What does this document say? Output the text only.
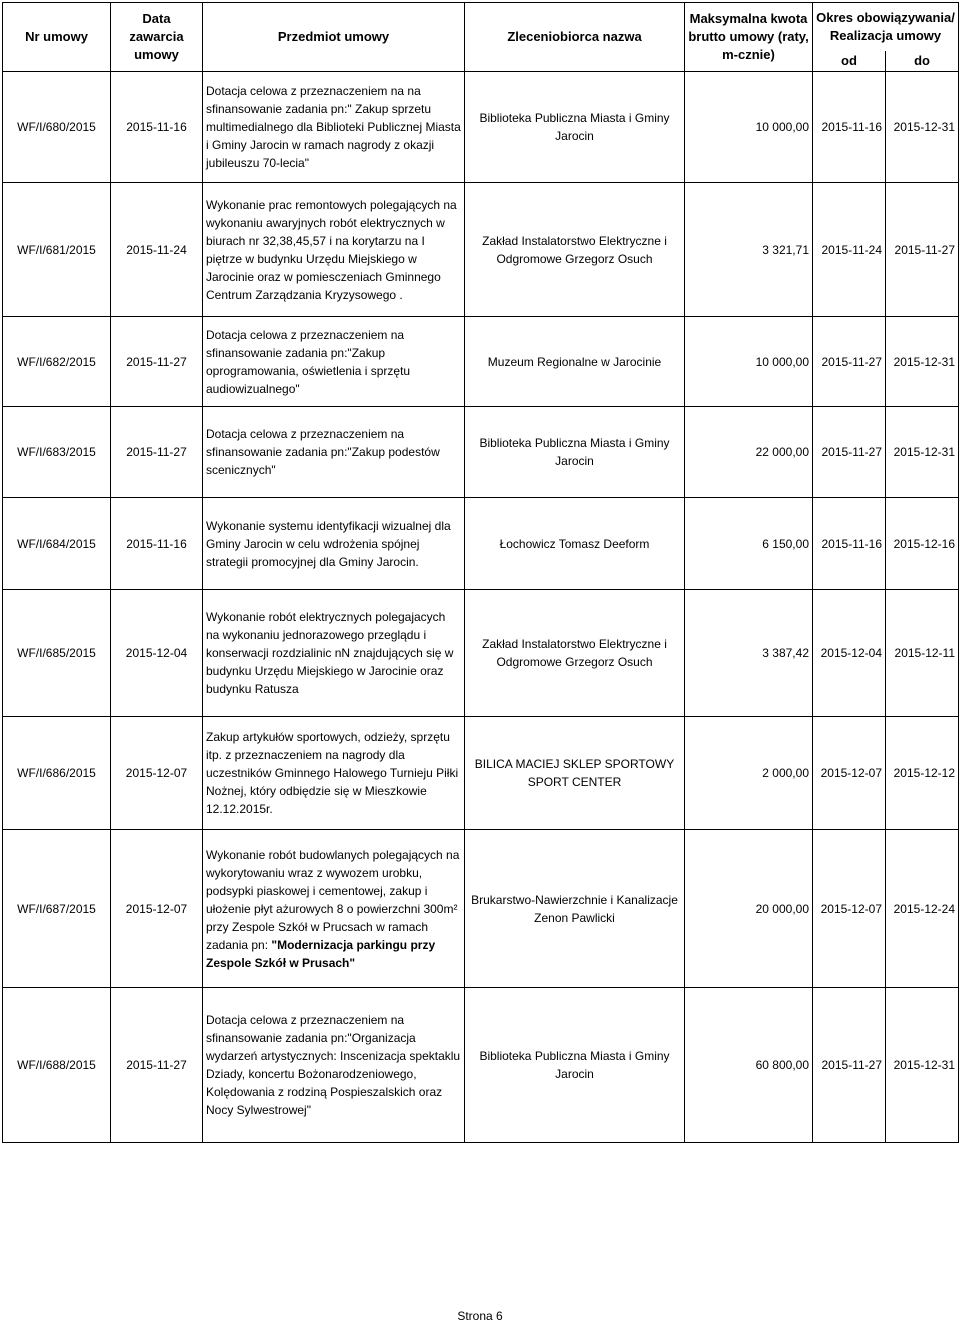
Nr umowy	Data zawarcia umowy	Przedmiot umowy	Zleceniobiorca nazwa	Maksymalna kwota brutto umowy (raty, m-cznie)	Okres obowiązywania/ Realizacja umowy	
					od	do
WF/I/680/2015	2015-11-16	Dotacja celowa z przeznaczeniem na na sfinansowanie zadania pn:" Zakup sprzetu multimedialnego dla Biblioteki Publicznej Miasta i Gminy Jarocin w ramach nagrody z okazji jubileuszu 70-lecia"	Biblioteka Publiczna Miasta i Gminy Jarocin	10 000,00	2015-11-16	2015-12-31
WF/I/681/2015	2015-11-24	Wykonanie prac remontowych polegających na wykonaniu awaryjnych robót elektrycznych w biurach nr 32,38,45,57 i na korytarzu na I piętrze w budynku Urzędu Miejskiego w Jarocinie oraz w pomiesczeniach Gminnego Centrum Zarządzania Kryzysowego .	Zakład Instalatorstwo Elektryczne i Odgromowe Grzegorz Osuch	3 321,71	2015-11-24	2015-11-27
WF/I/682/2015	2015-11-27	Dotacja celowa z przeznaczeniem na sfinansowanie zadania pn:"Zakup oprogramowania, oświetlenia i sprzętu audiowizualnego"	Muzeum Regionalne w Jarocinie	10 000,00	2015-11-27	2015-12-31
WF/I/683/2015	2015-11-27	Dotacja celowa z przeznaczeniem na sfinansowanie zadania pn:"Zakup podestów scenicznych"	Biblioteka Publiczna Miasta i Gminy Jarocin	22 000,00	2015-11-27	2015-12-31
WF/I/684/2015	2015-11-16	Wykonanie systemu identyfikacji wizualnej dla Gminy Jarocin w celu wdrożenia spójnej strategii promocyjnej dla Gminy Jarocin.	Łochowicz Tomasz Deeform	6 150,00	2015-11-16	2015-12-16
WF/I/685/2015	2015-12-04	Wykonanie robót elektrycznych polegajacych na wykonaniu jednorazowego przeglądu i konserwacji rozdzialinic nN znajdujących się w budynku Urzędu Miejskiego w Jarocinie oraz budynku Ratusza	Zakład Instalatorstwo Elektryczne i Odgromowe Grzegorz Osuch	3 387,42	2015-12-04	2015-12-11
WF/I/686/2015	2015-12-07	Zakup artykułów sportowych, odzieży, sprzętu itp. z przeznaczeniem na nagrody dla uczestników Gminnego Halowego Turnieju Piłki Nożnej, który odbiędzie się w Mieszkowie 12.12.2015r.	BILICA MACIEJ SKLEP SPORTOWY SPORT CENTER	2 000,00	2015-12-07	2015-12-12
WF/I/687/2015	2015-12-07	Wykonanie robót budowlanych polegających na wykorytowaniu wraz z wywozem urobku, podsypki piaskowej i cementowej, zakup i ułożenie płyt ażurowych 8 o powierzchni 300m² przy Zespole Szkół w Prucsach w ramach zadania pn: "Modernizacja parkingu przy Zespole Szkół w Prusach"	Brukarstwo-Nawierzchnie i Kanalizacje Zenon Pawlicki	20 000,00	2015-12-07	2015-12-24
WF/I/688/2015	2015-11-27	Dotacja celowa z przeznaczeniem na sfinansowanie zadania pn:"Organizacja wydarzeń artystycznych: Inscenizacja spektaklu Dziady, koncertu Bożonarodzeniowego, Kolędowania z rodziną Pospieszalskich oraz Nocy Sylwestrowej"	Biblioteka Publiczna Miasta i Gminy Jarocin	60 800,00	2015-11-27	2015-12-31
Strona 6
